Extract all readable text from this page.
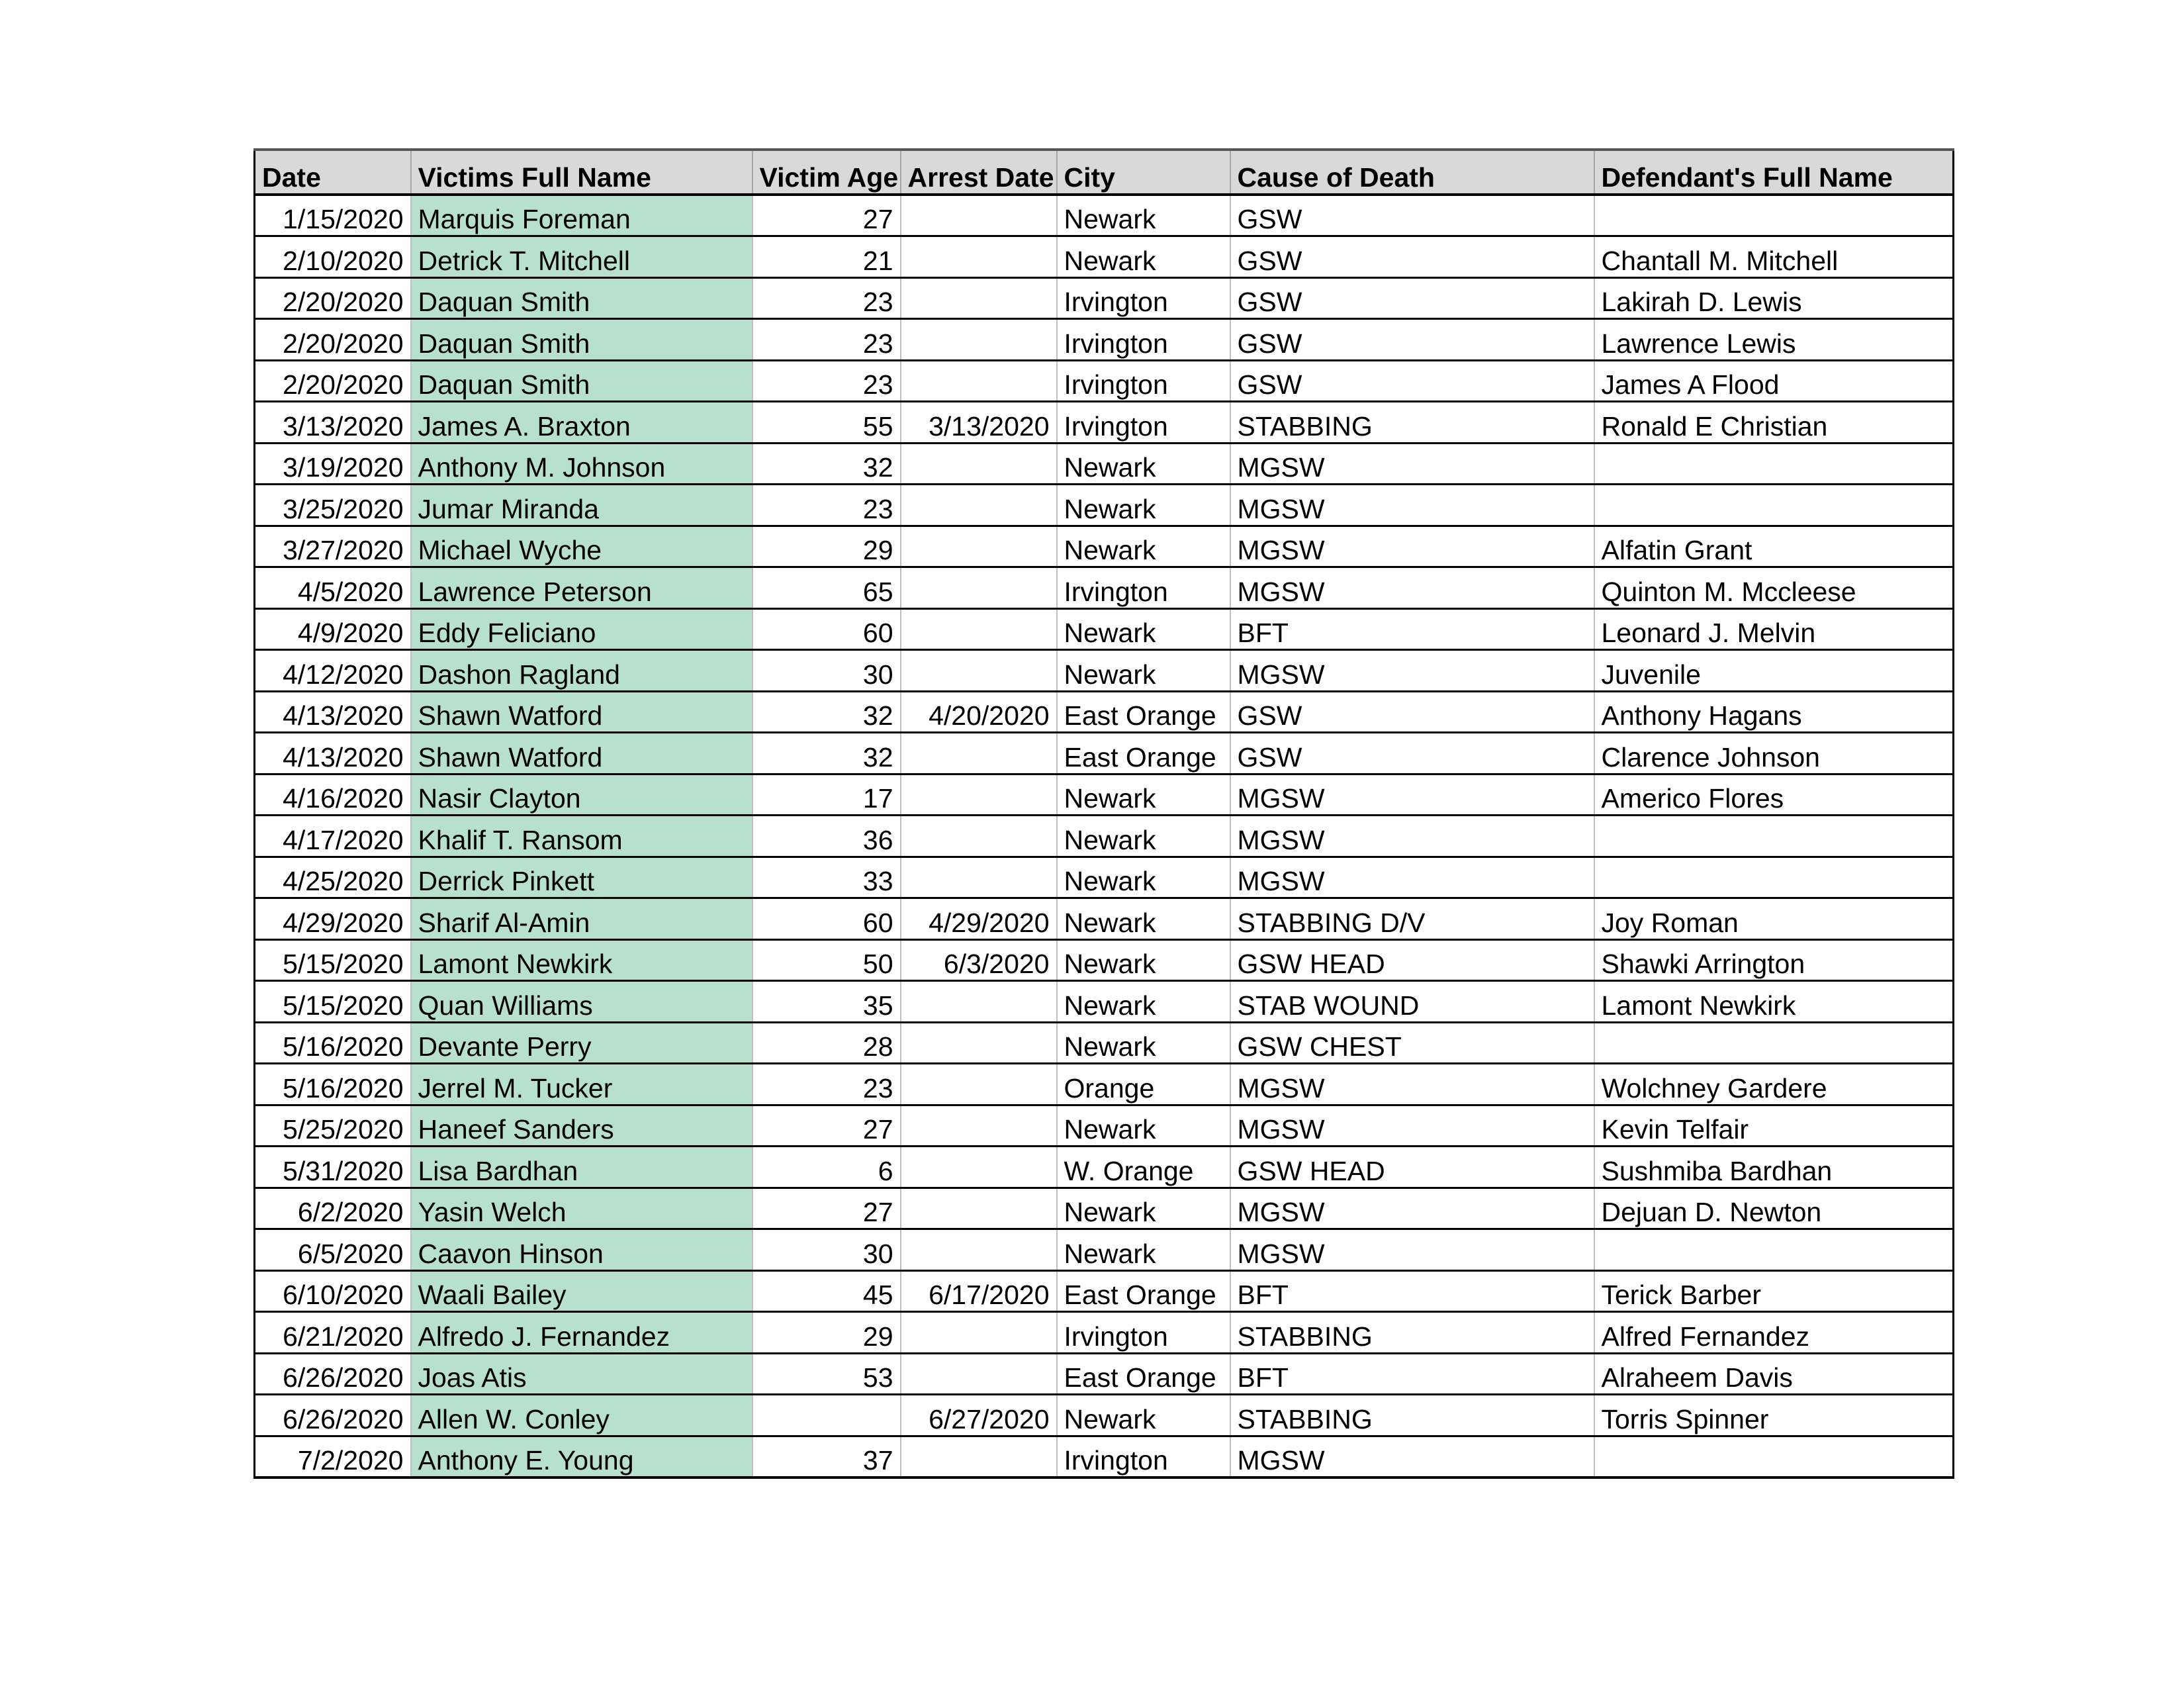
Date	Victims Full Name	Victim Age	Arrest Date	City	Cause of Death	Defendant's Full Name
1/15/2020	Marquis Foreman	27		Newark	GSW	
2/10/2020	Detrick T. Mitchell	21		Newark	GSW	Chantall M. Mitchell
2/20/2020	Daquan Smith	23		Irvington	GSW	Lakirah D. Lewis
2/20/2020	Daquan Smith	23		Irvington	GSW	Lawrence Lewis
2/20/2020	Daquan Smith	23		Irvington	GSW	James A Flood
3/13/2020	James A. Braxton	55	3/13/2020	Irvington	STABBING	Ronald E Christian
3/19/2020	Anthony M. Johnson	32		Newark	MGSW	
3/25/2020	Jumar Miranda	23		Newark	MGSW	
3/27/2020	Michael Wyche	29		Newark	MGSW	Alfatin Grant
4/5/2020	Lawrence Peterson	65		Irvington	MGSW	Quinton M. Mccleese
4/9/2020	Eddy Feliciano	60		Newark	BFT	Leonard J. Melvin
4/12/2020	Dashon Ragland	30		Newark	MGSW	Juvenile
4/13/2020	Shawn Watford	32	4/20/2020	East Orange	GSW	Anthony Hagans
4/13/2020	Shawn Watford	32		East Orange	GSW	Clarence Johnson
4/16/2020	Nasir Clayton	17		Newark	MGSW	Americo Flores
4/17/2020	Khalif T. Ransom	36		Newark	MGSW	
4/25/2020	Derrick Pinkett	33		Newark	MGSW	
4/29/2020	Sharif Al-Amin	60	4/29/2020	Newark	STABBING D/V	Joy Roman
5/15/2020	Lamont Newkirk	50	6/3/2020	Newark	GSW HEAD	Shawki Arrington
5/15/2020	Quan Williams	35		Newark	STAB WOUND	Lamont Newkirk
5/16/2020	Devante Perry	28		Newark	GSW CHEST	
5/16/2020	Jerrel M. Tucker	23		Orange	MGSW	Wolchney Gardere
5/25/2020	Haneef Sanders	27		Newark	MGSW	Kevin Telfair
5/31/2020	Lisa Bardhan	6		W. Orange	GSW HEAD	Sushmiba Bardhan
6/2/2020	Yasin Welch	27		Newark	MGSW	Dejuan D. Newton
6/5/2020	Caavon Hinson	30		Newark	MGSW	
6/10/2020	Waali Bailey	45	6/17/2020	East Orange	BFT	Terick Barber
6/21/2020	Alfredo J. Fernandez	29		Irvington	STABBING	Alfred Fernandez
6/26/2020	Joas Atis	53		East Orange	BFT	Alraheem Davis
6/26/2020	Allen W. Conley		6/27/2020	Newark	STABBING	Torris Spinner
7/2/2020	Anthony E. Young	37		Irvington	MGSW	
